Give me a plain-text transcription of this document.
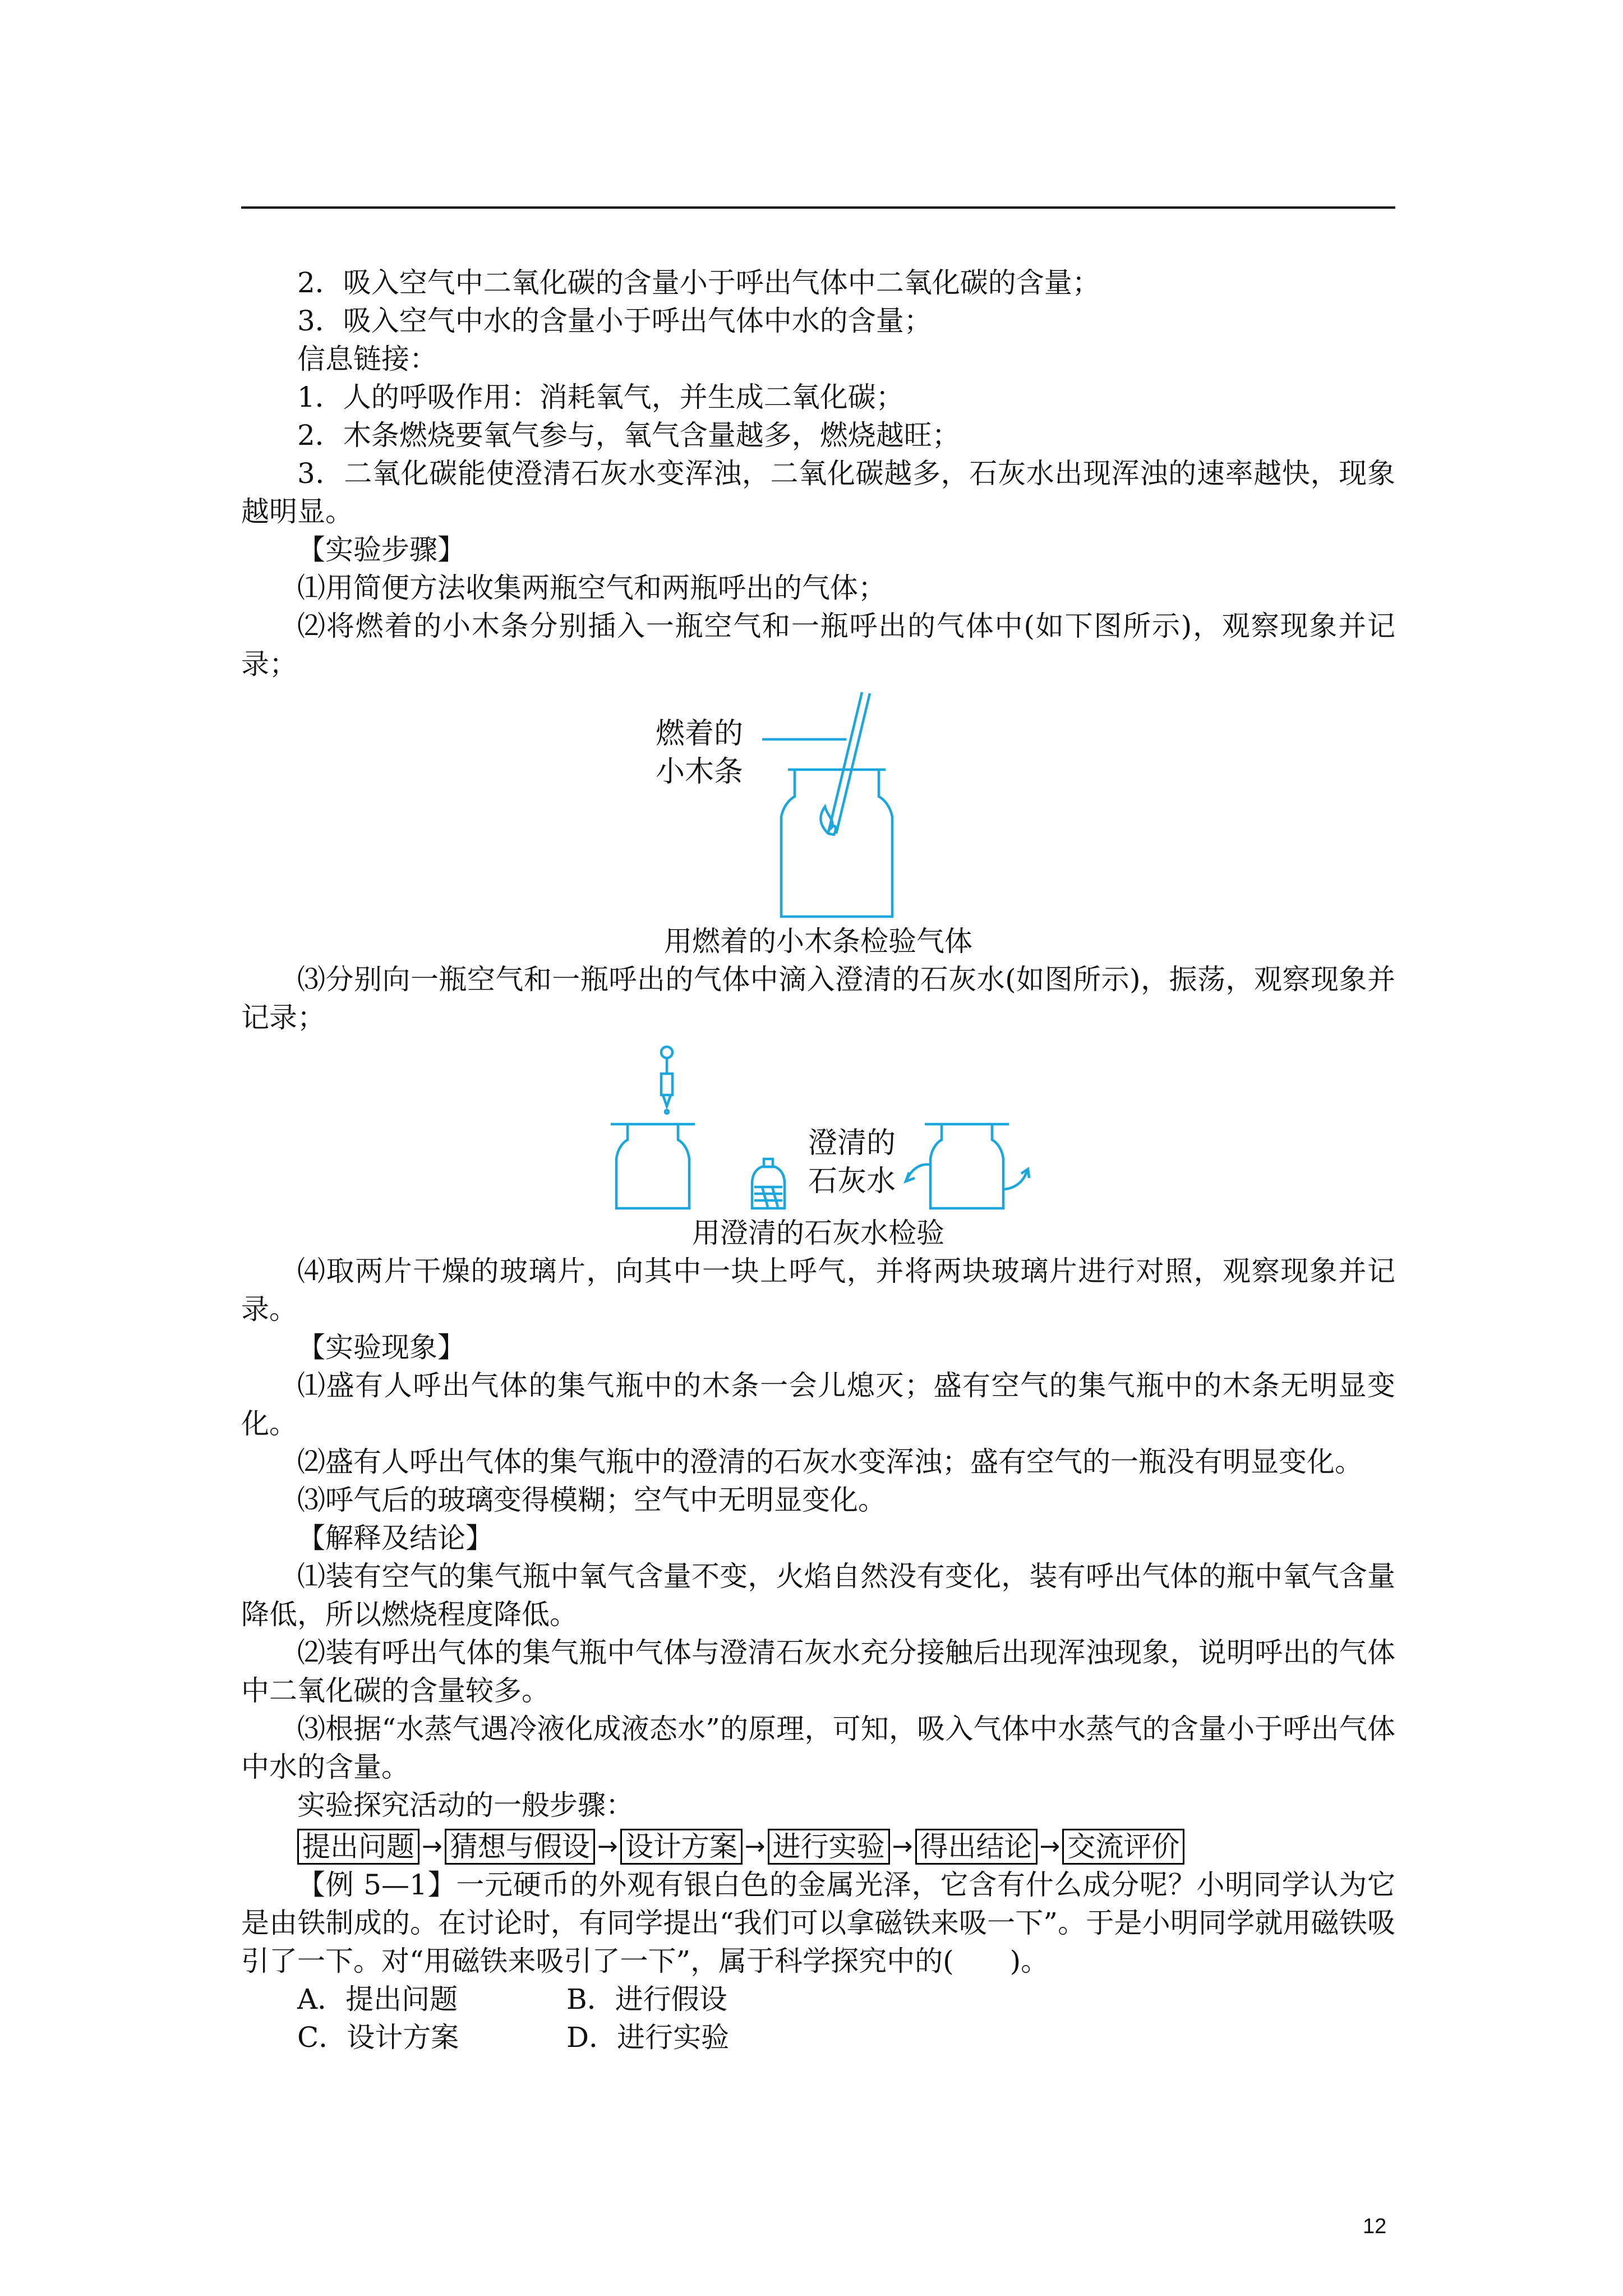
2．吸入空气中二氧化碳的含量小于呼出气体中二氧化碳的含量；

3．吸入空气中水的含量小于呼出气体中水的含量；

信息链接：

1．人的呼吸作用：消耗氧气，并生成二氧化碳；

2．木条燃烧要氧气参与，氧气含量越多，燃烧越旺；

3．二氧化碳能使澄清石灰水变浑浊，二氧化碳越多，石灰水出现浑浊的速率越快，现象越明显。

【实验步骤】

⑴用简便方法收集两瓶空气和两瓶呼出的气体；

⑵将燃着的小木条分别插入一瓶空气和一瓶呼出的气体中(如下图所示)，观察现象并记录；

燃着的
小木条
用燃着的小木条检验气体

⑶分别向一瓶空气和一瓶呼出的气体中滴入澄清的石灰水(如图所示)，振荡，观察现象并记录；

澄清的
石灰水
用澄清的石灰水检验

⑷取两片干燥的玻璃片，向其中一块上呼气，并将两块玻璃片进行对照，观察现象并记录。

【实验现象】

⑴盛有人呼出气体的集气瓶中的木条一会儿熄灭；盛有空气的集气瓶中的木条无明显变化。

⑵盛有人呼出气体的集气瓶中的澄清的石灰水变浑浊；盛有空气的一瓶没有明显变化。

⑶呼气后的玻璃变得模糊；空气中无明显变化。

【解释及结论】

⑴装有空气的集气瓶中氧气含量不变，火焰自然没有变化，装有呼出气体的瓶中氧气含量降低，所以燃烧程度降低。

⑵装有呼出气体的集气瓶中气体与澄清石灰水充分接触后出现浑浊现象，说明呼出的气体中二氧化碳的含量较多。

⑶根据“水蒸气遇冷液化成液态水”的原理，可知，吸入气体中水蒸气的含量小于呼出气体中水的含量。

实验探究活动的一般步骤：

提出问题 → 猜想与假设 → 设计方案 → 进行实验 → 得出结论 → 交流评价

【例 5—1】一元硬币的外观有银白色的金属光泽，它含有什么成分呢？小明同学认为它是由铁制成的。在讨论时，有同学提出“我们可以拿磁铁来吸一下”。于是小明同学就用磁铁吸引了一下。对“用磁铁来吸引了一下”，属于科学探究中的(　　)。

A．提出问题	B．进行假设
C．设计方案	D．进行实验
12
